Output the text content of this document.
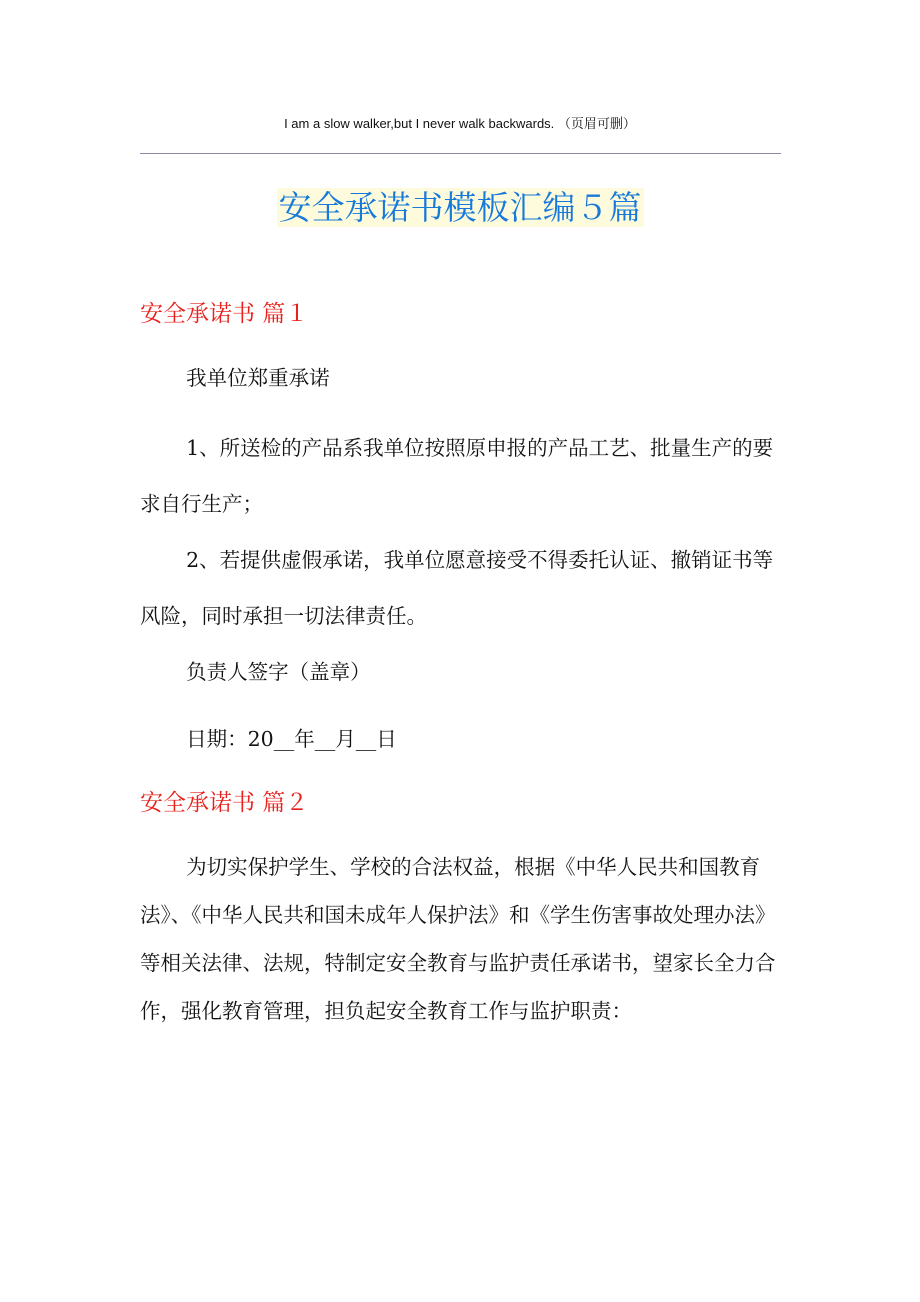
I am a slow walker,but I never walk backwards. （页眉可删）
安全承诺书模板汇编５篇
安全承诺书 篇１

我单位郑重承诺

1、所送检的产品系我单位按照原申报的产品工艺、批量生产的要求自行生产；

2、若提供虚假承诺，我单位愿意接受不得委托认证、撤销证书等风险，同时承担一切法律责任。

负责人签字（盖章）

日期：20__年__月__日

安全承诺书 篇２

为切实保护学生、学校的合法权益，根据《中华人民共和国教育法》、《中华人民共和国未成年人保护法》和《学生伤害事故处理办法》等相关法律、法规，特制定安全教育与监护责任承诺书，望家长全力合作，强化教育管理，担负起安全教育工作与监护职责：
